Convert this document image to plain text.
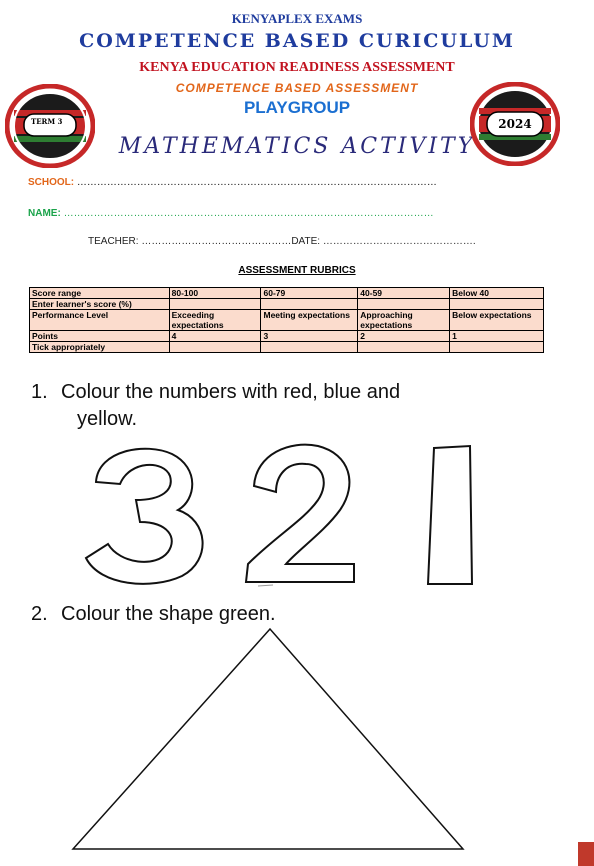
KENYAPLEX EXAMS
COMPETENCE BASED CURICULUM
KENYA EDUCATION READINESS ASSESSMENT
COMPETENCE BASED ASSESSMENT
PLAYGROUP
MATHEMATICS ACTIVITY
TERM 3	2024
SCHOOL: ………………………………………………………………………………………………
NAME: …………………………………………………………………………………………………
TEACHER: ………………………………………DATE: ……………………………………….
ASSESSMENT RUBRICS
Score range	80-100	60-79	40-59	Below 40
Enter learner's score (%)				
Performance Level	Exceeding expectations	Meeting expectations	Approaching expectations	Below expectations
Points	4	3	2	1
Tick appropriately				
1. Colour the numbers with red, blue and
yellow.
2. Colour the shape green.
